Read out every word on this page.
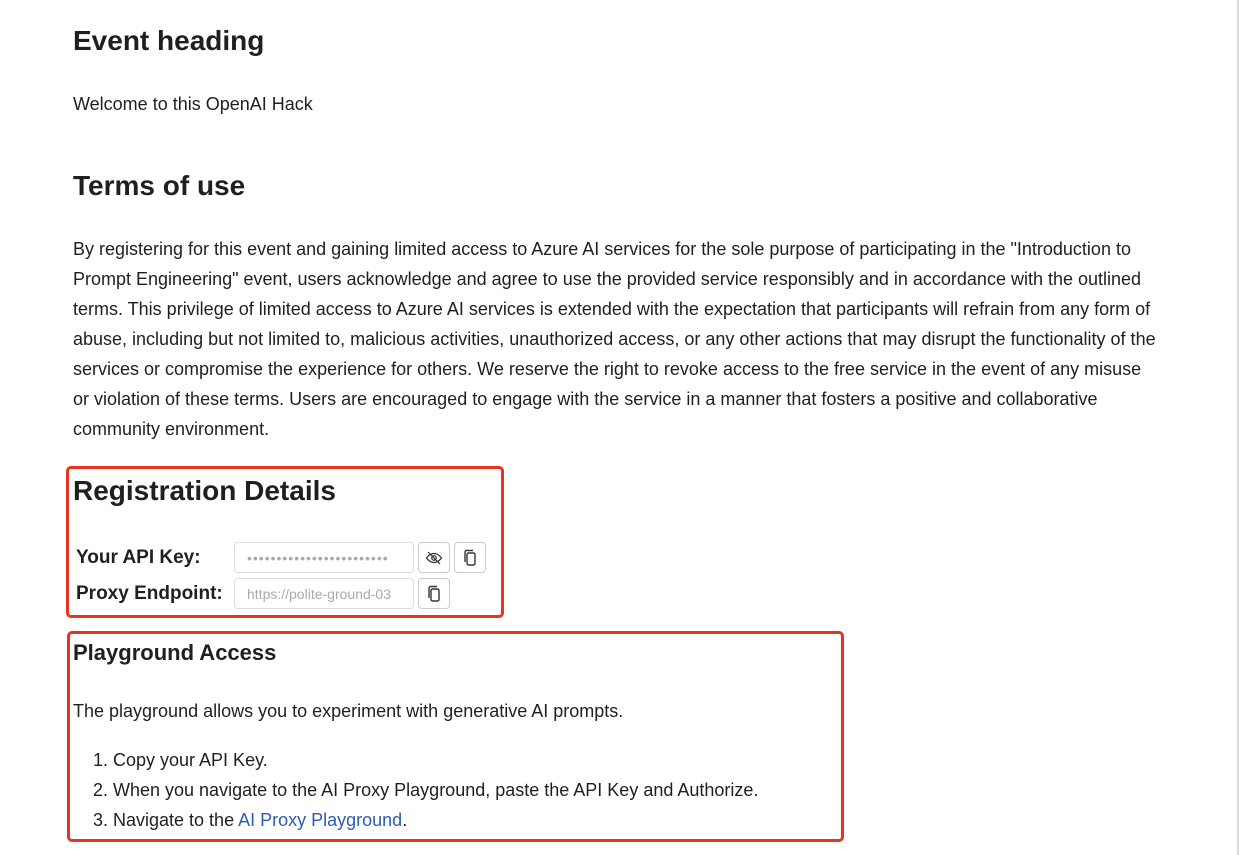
Event heading

Welcome to this OpenAI Hack

Terms of use

By registering for this event and gaining limited access to Azure AI services for the sole purpose of participating in the "Introduction to Prompt Engineering" event, users acknowledge and agree to use the provided service responsibly and in accordance with the outlined terms. This privilege of limited access to Azure AI services is extended with the expectation that participants will refrain from any form of abuse, including but not limited to, malicious activities, unauthorized access, or any other actions that may disrupt the functionality of the services or compromise the experience for others. We reserve the right to revoke access to the free service in the event of any misuse or violation of these terms. Users are encouraged to engage with the service in a manner that fosters a positive and collaborative community environment.

Registration Details
Your API Key:	••••••••••••••••••••••••
Proxy Endpoint:	https://polite-ground-03
Playground Access

The playground allows you to experiment with generative AI prompts.

1. Copy your API Key.
2. When you navigate to the AI Proxy Playground, paste the API Key and Authorize.
3. Navigate to the AI Proxy Playground.
